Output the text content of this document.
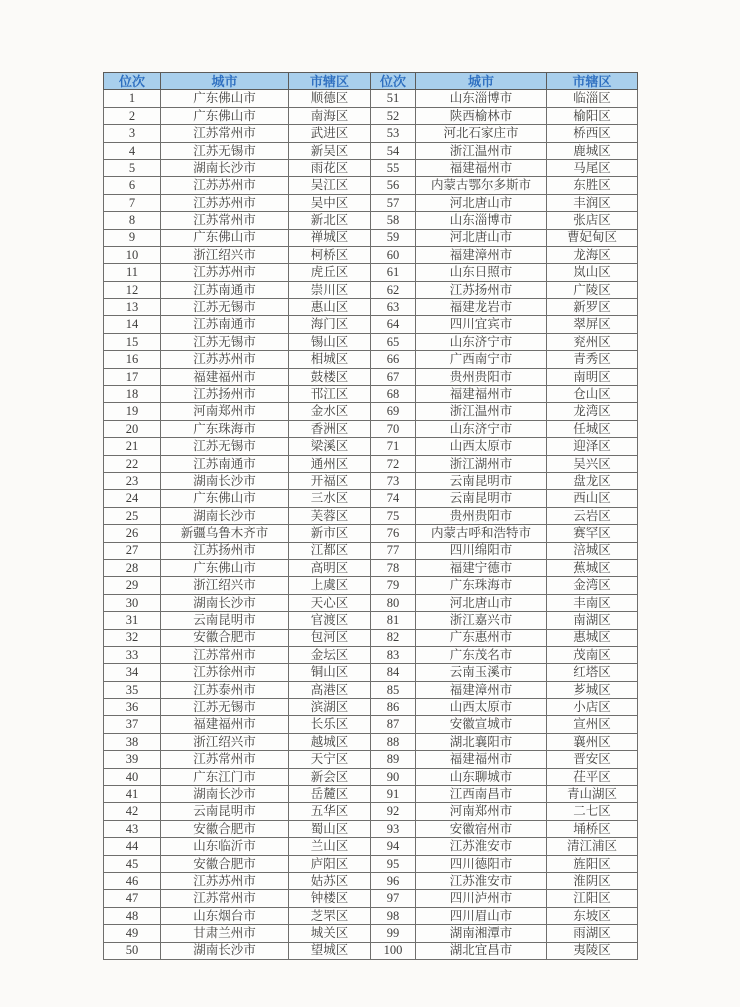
位次	城市	市辖区	位次	城市	市辖区
1	广东佛山市	顺德区	51	山东淄博市	临淄区
2	广东佛山市	南海区	52	陕西榆林市	榆阳区
3	江苏常州市	武进区	53	河北石家庄市	桥西区
4	江苏无锡市	新吴区	54	浙江温州市	鹿城区
5	湖南长沙市	雨花区	55	福建福州市	马尾区
6	江苏苏州市	吴江区	56	内蒙古鄂尔多斯市	东胜区
7	江苏苏州市	吴中区	57	河北唐山市	丰润区
8	江苏常州市	新北区	58	山东淄博市	张店区
9	广东佛山市	禅城区	59	河北唐山市	曹妃甸区
10	浙江绍兴市	柯桥区	60	福建漳州市	龙海区
11	江苏苏州市	虎丘区	61	山东日照市	岚山区
12	江苏南通市	崇川区	62	江苏扬州市	广陵区
13	江苏无锡市	惠山区	63	福建龙岩市	新罗区
14	江苏南通市	海门区	64	四川宜宾市	翠屏区
15	江苏无锡市	锡山区	65	山东济宁市	兖州区
16	江苏苏州市	相城区	66	广西南宁市	青秀区
17	福建福州市	鼓楼区	67	贵州贵阳市	南明区
18	江苏扬州市	邗江区	68	福建福州市	仓山区
19	河南郑州市	金水区	69	浙江温州市	龙湾区
20	广东珠海市	香洲区	70	山东济宁市	任城区
21	江苏无锡市	梁溪区	71	山西太原市	迎泽区
22	江苏南通市	通州区	72	浙江湖州市	吴兴区
23	湖南长沙市	开福区	73	云南昆明市	盘龙区
24	广东佛山市	三水区	74	云南昆明市	西山区
25	湖南长沙市	芙蓉区	75	贵州贵阳市	云岩区
26	新疆乌鲁木齐市	新市区	76	内蒙古呼和浩特市	赛罕区
27	江苏扬州市	江都区	77	四川绵阳市	涪城区
28	广东佛山市	高明区	78	福建宁德市	蕉城区
29	浙江绍兴市	上虞区	79	广东珠海市	金湾区
30	湖南长沙市	天心区	80	河北唐山市	丰南区
31	云南昆明市	官渡区	81	浙江嘉兴市	南湖区
32	安徽合肥市	包河区	82	广东惠州市	惠城区
33	江苏常州市	金坛区	83	广东茂名市	茂南区
34	江苏徐州市	铜山区	84	云南玉溪市	红塔区
35	江苏泰州市	高港区	85	福建漳州市	芗城区
36	江苏无锡市	滨湖区	86	山西太原市	小店区
37	福建福州市	长乐区	87	安徽宣城市	宣州区
38	浙江绍兴市	越城区	88	湖北襄阳市	襄州区
39	江苏常州市	天宁区	89	福建福州市	晋安区
40	广东江门市	新会区	90	山东聊城市	茌平区
41	湖南长沙市	岳麓区	91	江西南昌市	青山湖区
42	云南昆明市	五华区	92	河南郑州市	二七区
43	安徽合肥市	蜀山区	93	安徽宿州市	埇桥区
44	山东临沂市	兰山区	94	江苏淮安市	清江浦区
45	安徽合肥市	庐阳区	95	四川德阳市	旌阳区
46	江苏苏州市	姑苏区	96	江苏淮安市	淮阴区
47	江苏常州市	钟楼区	97	四川泸州市	江阳区
48	山东烟台市	芝罘区	98	四川眉山市	东坡区
49	甘肃兰州市	城关区	99	湖南湘潭市	雨湖区
50	湖南长沙市	望城区	100	湖北宜昌市	夷陵区
